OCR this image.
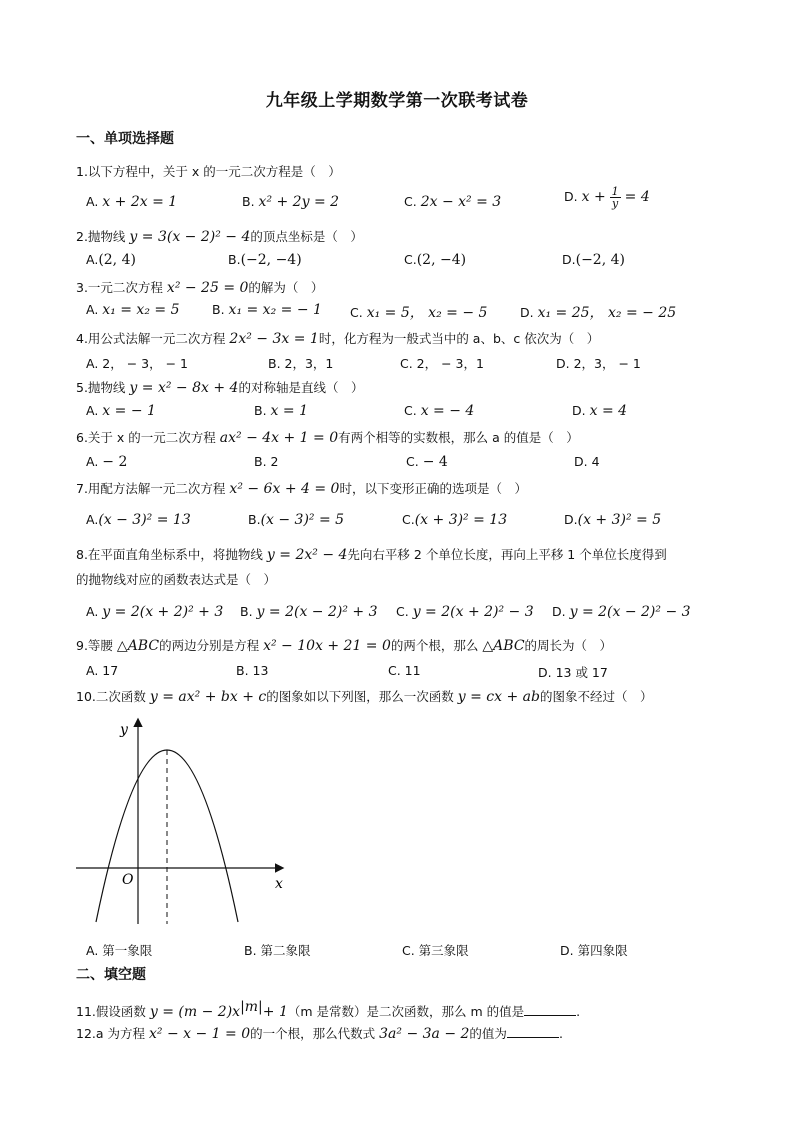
九年级上学期数学第一次联考试卷
一、单项选择题
1.以下方程中，关于 x 的一元二次方程是（　）
A. x + 2x = 1	B. x² + 2y = 2	C. 2x − x² = 3	D. $x + \frac{1}{y} = 4$
2.抛物线 y = 3(x − 2)² − 4的顶点坐标是（　）
A.(2, 4)	B.(−2, −4)	C.(2, −4)	D.(−2, 4)
3.一元二次方程 x² − 25 = 0的解为（　）
A. x₁ = x₂ = 5	B. x₁ = x₂ = − 1 C. x₁ = 5， x₂ = − 5	D. x₁ = 25， x₂ = − 25
4.用公式法解一元二次方程 2x² − 3x = 1时，化方程为一般式当中的 a、b、c 依次为（　）
A. 2， − 3， − 1	B. 2，3，1	C. 2， − 3，1	D. 2，3， − 1
5.抛物线 y = x² − 8x + 4的对称轴是直线（　）
A. x = − 1	B. x = 1	C. x = − 4	D. x = 4
6.关于 x 的一元二次方程 ax² − 4x + 1 = 0有两个相等的实数根，那么 a 的值是（　）
A. − 2	B. 2	C. − 4	D. 4
7.用配方法解一元二次方程 x² − 6x + 4 = 0时，以下变形正确的选项是（　）
A.(x − 3)² = 13	B.(x − 3)² = 5	C.(x + 3)² = 13	D.(x + 3)² = 5
8.在平面直角坐标系中，将抛物线 y = 2x² − 4先向右平移 2 个单位长度，再向上平移 1 个单位长度得到
的抛物线对应的函数表达式是（　）
A. y = 2(x + 2)² + 3 B. y = 2(x − 2)² + 3 C. y = 2(x + 2)² − 3 D. y = 2(x − 2)² − 3
9.等腰 △ABC的两边分别是方程 x² − 10x + 21 = 0的两个根，那么 △ABC的周长为（　）
A. 17	B. 13	C. 11	D. 13 或 17
10.二次函数 y = ax² + bx + c的图象如以下列图，那么一次函数 y = cx + ab的图象不经过（　）
y
x
O
A. 第一象限	B. 第二象限	C. 第三象限	D. 第四象限
二、填空题
11.假设函数 $y = (m - 2)x^{|m|}+ 1(m$ 是常数）是二次函数，那么 m 的值是	.
12.a 为方程 x² − x − 1 = 0的一个根，那么代数式 3a² − 3a − 2的值为	.
